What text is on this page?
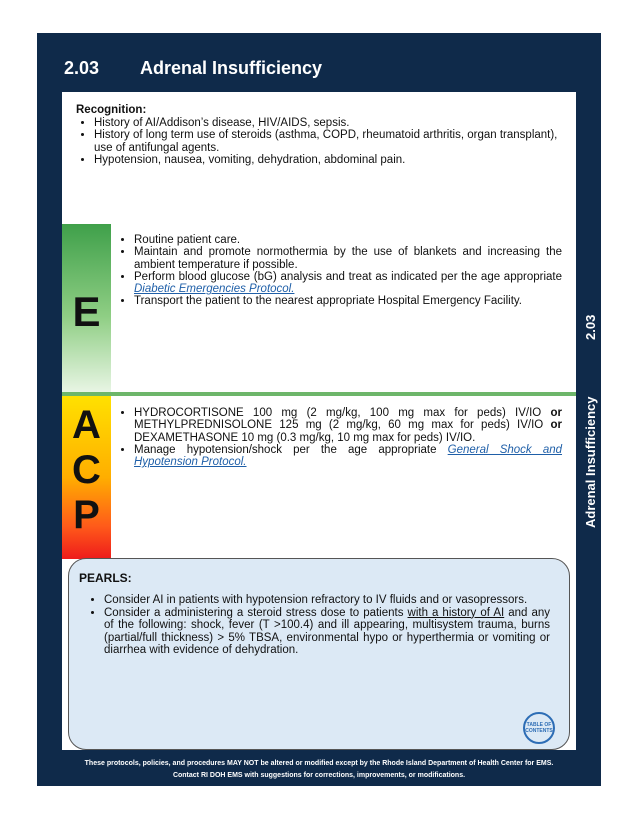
2.03 Adrenal Insufficiency
2.03
Adrenal Insufficiency
Recognition:
• History of AI/Addison’s disease, HIV/AIDS, sepsis.
• History of long term use of steroids (asthma, COPD, rheumatoid arthritis, organ transplant), use of antifungal agents.
• Hypotension, nausea, vomiting, dehydration, abdominal pain.
E
• Routine patient care.
• Maintain and promote normothermia by the use of blankets and increasing the ambient temperature if possible.
• Perform blood glucose (bG) analysis and treat as indicated per the age appropriate Diabetic Emergencies Protocol.
• Transport the patient to the nearest appropriate Hospital Emergency Facility.
A
C
P
• HYDROCORTISONE 100 mg (2 mg/kg, 100 mg max for peds) IV/IO or METHYLPREDNISOLONE 125 mg (2 mg/kg, 60 mg max for peds) IV/IO or DEXAMETHASONE 10 mg (0.3 mg/kg, 10 mg max for peds) IV/IO.
• Manage hypotension/shock per the age appropriate General Shock and Hypotension Protocol.
PEARLS:
• Consider AI in patients with hypotension refractory to IV fluids and or vasopressors.
• Consider a administering a steroid stress dose to patients with a history of AI and any of the following: shock, fever (T >100.4) and ill appearing, multisystem trauma, burns (partial/full thickness) > 5% TBSA, environmental hypo or hyperthermia or vomiting or diarrhea with evidence of dehydration.
TABLE OF CONTENTS
These protocols, policies, and procedures MAY NOT be altered or modified except by the Rhode Island Department of Health Center for EMS.
Contact RI DOH EMS with suggestions for corrections, improvements, or modifications.
